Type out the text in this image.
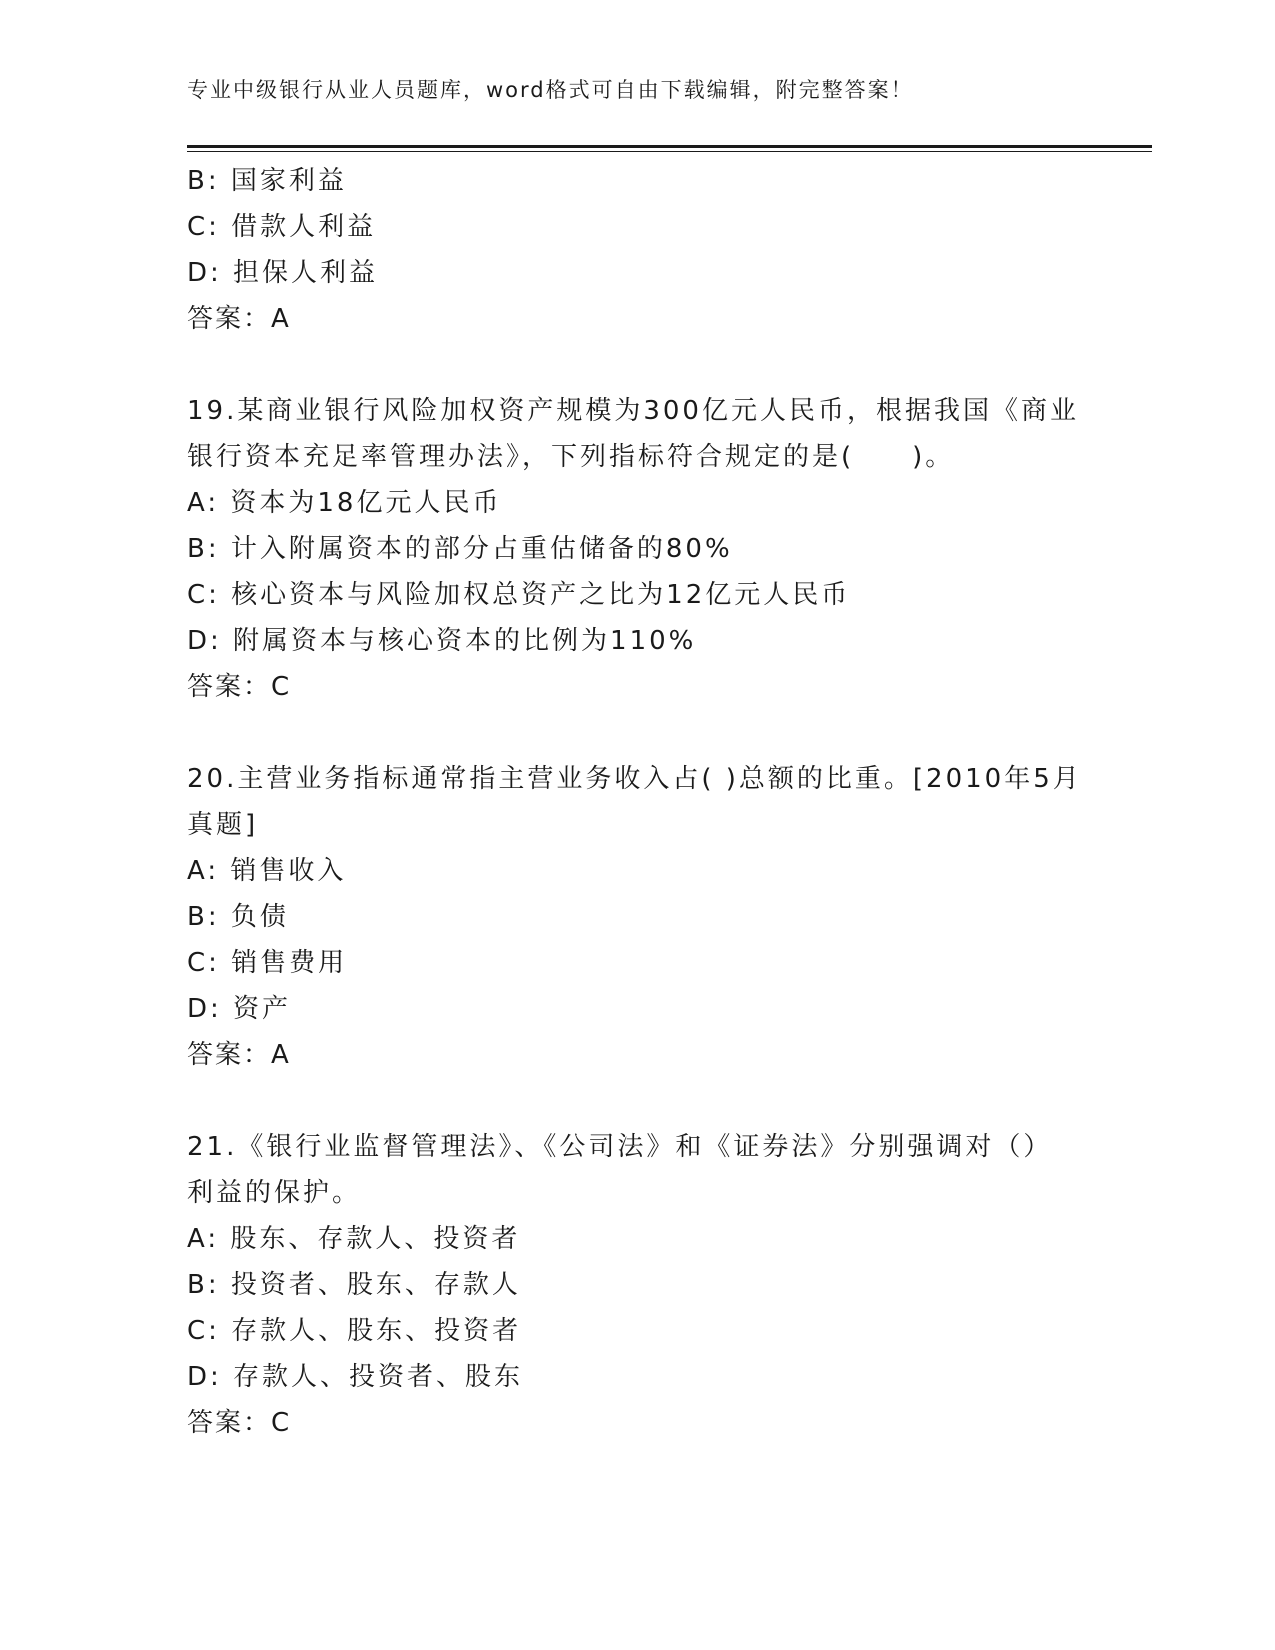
专业中级银行从业人员题库，word格式可自由下载编辑，附完整答案！
B: 国家利益
C: 借款人利益
D: 担保人利益
答案：A
19.某商业银行风险加权资产规模为300亿元人民币，根据我国《商业
银行资本充足率管理办法》，下列指标符合规定的是(　　)。
A: 资本为18亿元人民币
B: 计入附属资本的部分占重估储备的80%
C: 核心资本与风险加权总资产之比为12亿元人民币
D: 附属资本与核心资本的比例为110%
答案：C
20.主营业务指标通常指主营业务收入占( )总额的比重。[2010年5月
真题]
A: 销售收入
B: 负债
C: 销售费用
D: 资产
答案：A
21.《银行业监督管理法》、《公司法》和《证券法》分别强调对（）
利益的保护。
A: 股东、存款人、投资者
B: 投资者、股东、存款人
C: 存款人、股东、投资者
D: 存款人、投资者、股东
答案：C
